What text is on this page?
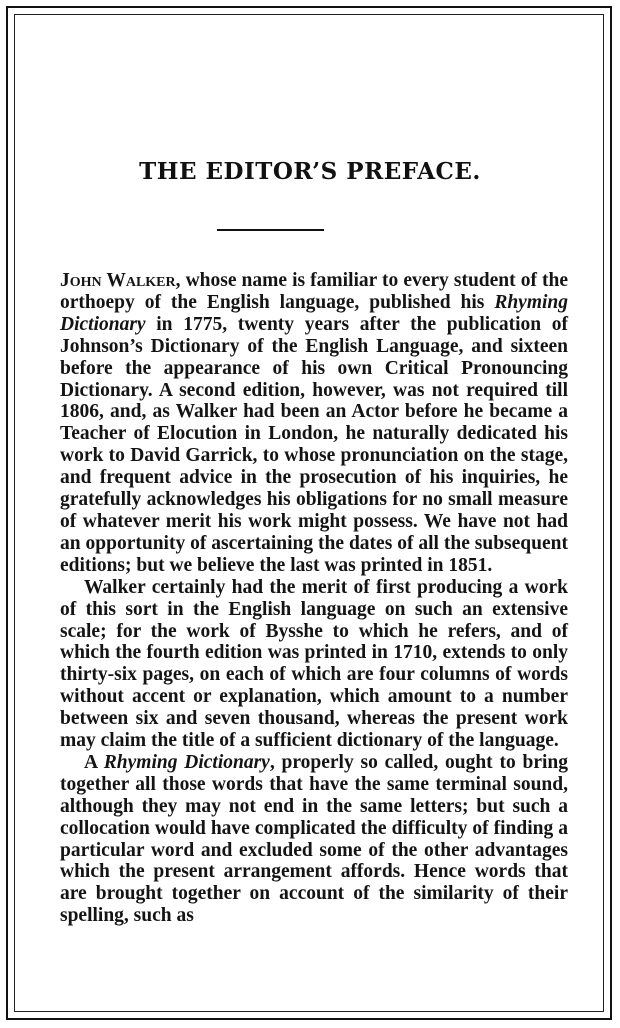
THE EDITOR’S PREFACE.

John Walker, whose name is familiar to every student of the orthoepy of the English language, published his Rhyming Dictionary in 1775, twenty years after the publication of Johnson’s Dictionary of the English Language, and sixteen before the appearance of his own Critical Pronouncing Dictionary. A second edition, however, was not required till 1806, and, as Walker had been an Actor before he became a Teacher of Elocution in London, he naturally dedicated his work to David Garrick, to whose pronunciation on the stage, and frequent advice in the prosecution of his inquiries, he gratefully acknowledges his obligations for no small measure of whatever merit his work might possess. We have not had an opportunity of ascertaining the dates of all the subsequent editions; but we believe the last was printed in 1851.

Walker certainly had the merit of first producing a work of this sort in the English language on such an extensive scale; for the work of Bysshe to which he refers, and of which the fourth edition was printed in 1710, extends to only thirty-six pages, on each of which are four columns of words without accent or explanation, which amount to a number between six and seven thousand, whereas the present work may claim the title of a sufficient dictionary of the language.

A Rhyming Dictionary, properly so called, ought to bring together all those words that have the same terminal sound, although they may not end in the same letters; but such a collocation would have complicated the difficulty of finding a particular word and excluded some of the other advantages which the present arrangement affords. Hence words that are brought together on account of the similarity of their spelling, such as
